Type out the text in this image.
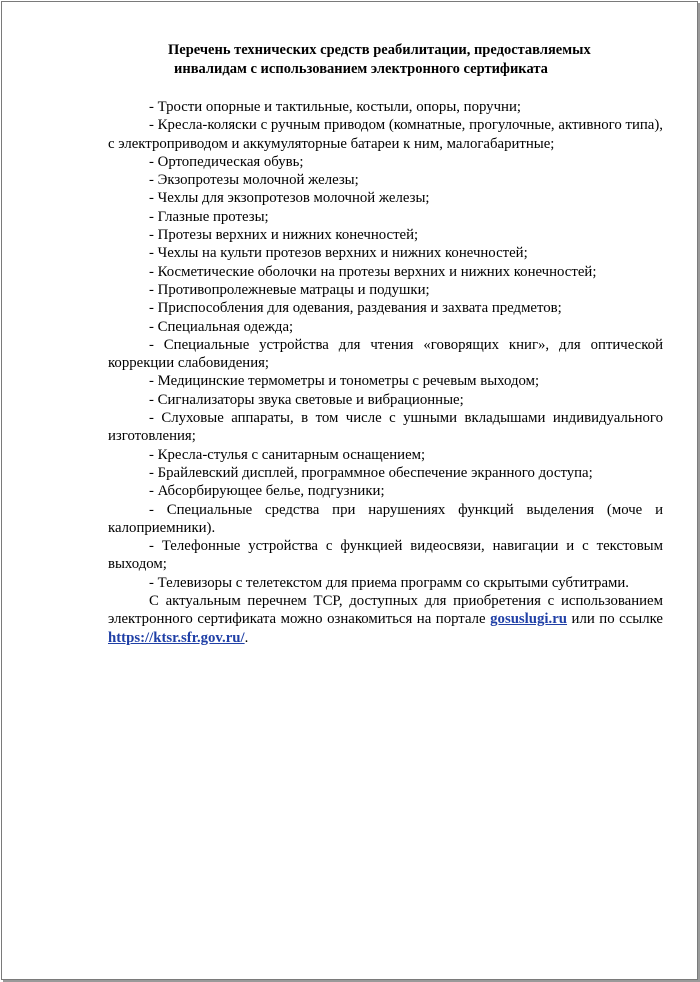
Перечень технических средств реабилитации, предоставляемых
инвалидам с использованием электронного сертификата

- Трости опорные и тактильные, костыли, опоры, поручни;

- Кресла-коляски с ручным приводом (комнатные, прогулочные, активного типа), с электроприводом и аккумуляторные батареи к ним, малогабаритные;

- Ортопедическая обувь;

- Экзопротезы молочной железы;

- Чехлы для экзопротезов молочной железы;

- Глазные протезы;

- Протезы верхних и нижних конечностей;

- Чехлы на культи протезов верхних и нижних конечностей;

- Косметические оболочки на протезы верхних и нижних конечностей;

- Противопролежневые матрацы и подушки;

- Приспособления для одевания, раздевания и захвата предметов;

- Специальная одежда;

- Специальные устройства для чтения «говорящих книг», для оптической коррекции слабовидения;

- Медицинские термометры и тонометры с речевым выходом;

- Сигнализаторы звука световые и вибрационные;

- Слуховые аппараты, в том числе с ушными вкладышами индивидуального изготовления;

- Кресла-стулья с санитарным оснащением;

- Брайлевский дисплей, программное обеспечение экранного доступа;

- Абсорбирующее белье, подгузники;

- Специальные средства при нарушениях функций выделения (моче и калоприемники).

- Телефонные устройства с функцией видеосвязи, навигации и с текстовым выходом;

- Телевизоры с телетекстом для приема программ со скрытыми субтитрами.

С актуальным перечнем ТСР, доступных для приобретения с использованием электронного сертификата можно ознакомиться на портале gosuslugi.ru или по ссылке https://ktsr.sfr.gov.ru/.
